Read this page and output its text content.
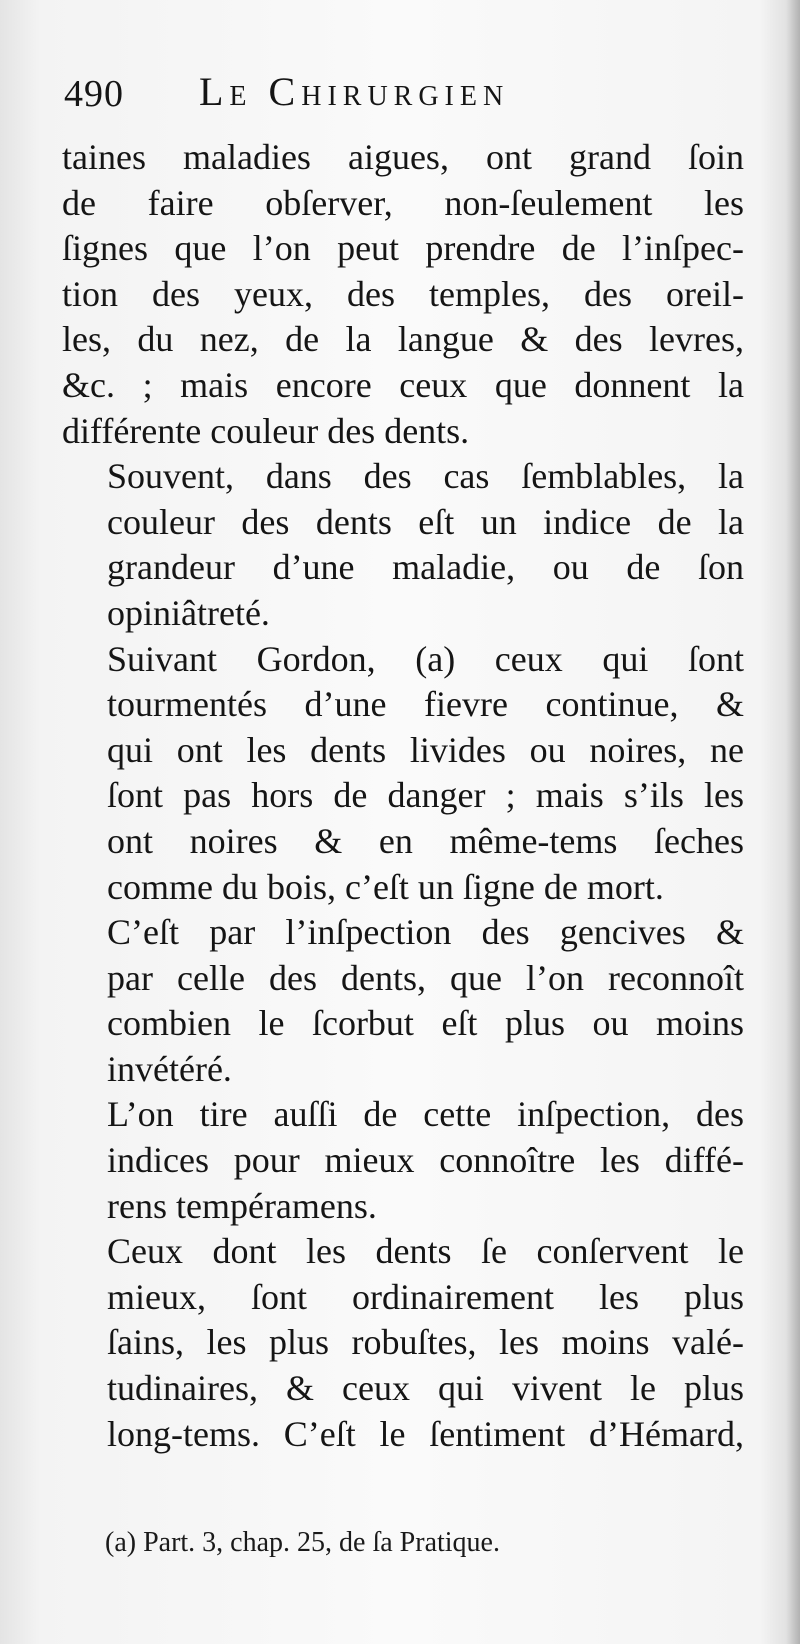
490 Le Chirurgien

taines maladies aigues, ont grand ſoin
de faire obſerver, non-ſeulement les
ſignes que l’on peut prendre de l’inſpec-
tion des yeux, des temples, des oreil-
les, du nez, de la langue & des levres,
&c. ; mais encore ceux que donnent la
différente couleur des dents.

Souvent, dans des cas ſemblables, la
couleur des dents eſt un indice de la
grandeur d’une maladie, ou de ſon
opiniâtreté.

Suivant Gordon, (a) ceux qui ſont
tourmentés d’une fievre continue, &
qui ont les dents livides ou noires, ne
ſont pas hors de danger ; mais s’ils les
ont noires & en même-tems ſeches
comme du bois, c’eſt un ſigne de mort.

C’eſt par l’inſpection des gencives &
par celle des dents, que l’on reconnoît
combien le ſcorbut eſt plus ou moins
invétéré.

L’on tire auſſi de cette inſpection, des
indices pour mieux connoître les diffé-
rens tempéramens.

Ceux dont les dents ſe conſervent le
mieux, ſont ordinairement les plus
ſains, les plus robuſtes, les moins valé-
tudinaires, & ceux qui vivent le plus
long-tems. C’eſt le ſentiment d’Hémard,

(a) Part. 3, chap. 25, de ſa Pratique.
